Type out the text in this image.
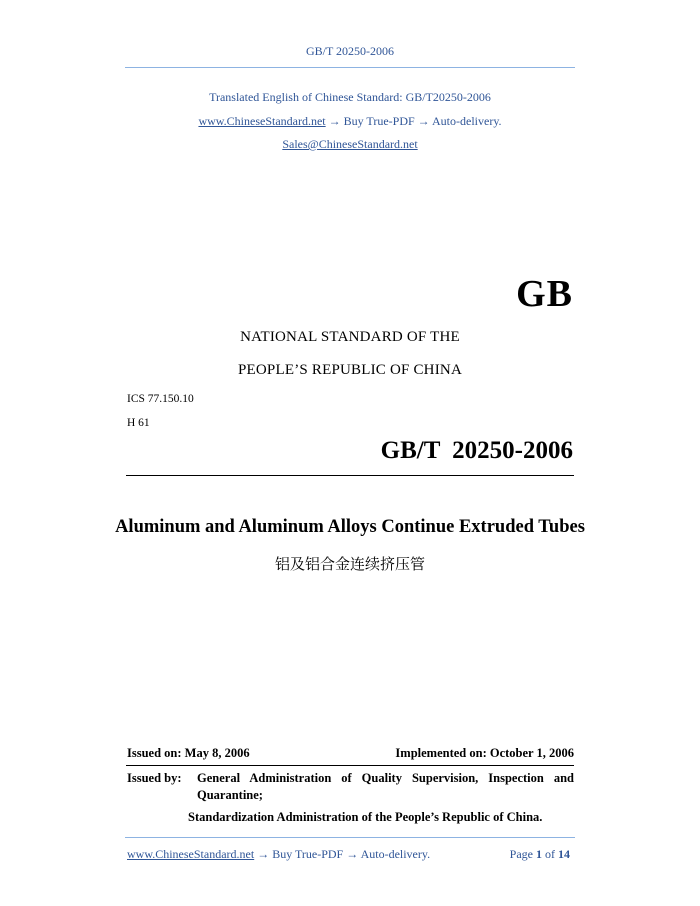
GB/T 20250-2006
Translated English of Chinese Standard: GB/T20250-2006
www.ChineseStandard.net → Buy True-PDF → Auto-delivery.
Sales@ChineseStandard.net
GB
NATIONAL STANDARD OF THE
PEOPLE’S REPUBLIC OF CHINA
ICS 77.150.10
H 61
GB/T 20250-2006
Aluminum and Aluminum Alloys Continue Extruded Tubes
铝及铝合金连续挤压管
Issued on: May 8, 2006	Implemented on: October 1, 2006
Issued by: General Administration of Quality Supervision, Inspection and Quarantine;
Standardization Administration of the People’s Republic of China.
www.ChineseStandard.net → Buy True-PDF → Auto-delivery.	Page 1 of 14
